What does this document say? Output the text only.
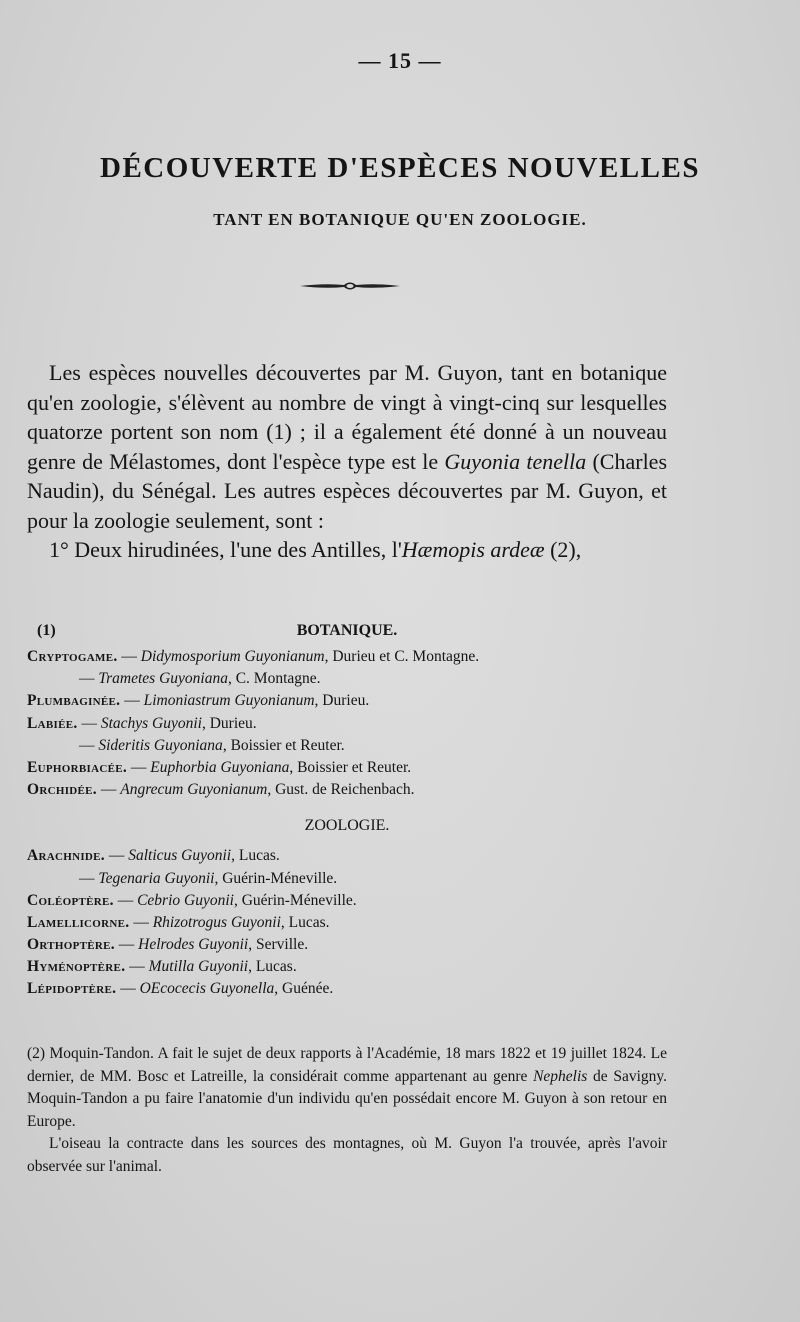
— 15 —
DÉCOUVERTE D'ESPÈCES NOUVELLES
TANT EN BOTANIQUE QU'EN ZOOLOGIE.

Les espèces nouvelles découvertes par M. Guyon, tant en botanique qu'en zoologie, s'élèvent au nombre de vingt à vingt-cinq sur lesquelles quatorze portent son nom (1) ; il a également été donné à un nouveau genre de Mélastomes, dont l'espèce type est le Guyonia tenella (Charles Naudin), du Sénégal. Les autres espèces découvertes par M. Guyon, et pour la zoologie seulement, sont :

1° Deux hirudinées, l'une des Antilles, l'Hæmopis ardeæ (2),

(1)	BOTANIQUE.
Cryptogame. — Didymosporium Guyonianum, Durieu et C. Montagne.
— Trametes Guyoniana, C. Montagne.
Plumbaginée. — Limoniastrum Guyonianum, Durieu.
Labiée. — Stachys Guyonii, Durieu.
— Sideritis Guyoniana, Boissier et Reuter.
Euphorbiacée. — Euphorbia Guyoniana, Boissier et Reuter.
Orchidée. — Angrecum Guyonianum, Gust. de Reichenbach.
ZOOLOGIE.
Arachnide. — Salticus Guyonii, Lucas.
— Tegenaria Guyonii, Guérin-Méneville.
Coléoptère. — Cebrio Guyonii, Guérin-Méneville.
Lamellicorne. — Rhizotrogus Guyonii, Lucas.
Orthoptère. — Helrodes Guyonii, Serville.
Hyménoptère. — Mutilla Guyonii, Lucas.
Lépidoptère. — OEcocecis Guyonella, Guénée.

(2) Moquin-Tandon. A fait le sujet de deux rapports à l'Académie, 18 mars 1822 et 19 juillet 1824. Le dernier, de MM. Bosc et Latreille, la considérait comme appartenant au genre Nephelis de Savigny. Moquin-Tandon a pu faire l'anatomie d'un individu qu'en possédait encore M. Guyon à son retour en Europe.

L'oiseau la contracte dans les sources des montagnes, où M. Guyon l'a trouvée, après l'avoir observée sur l'animal.
